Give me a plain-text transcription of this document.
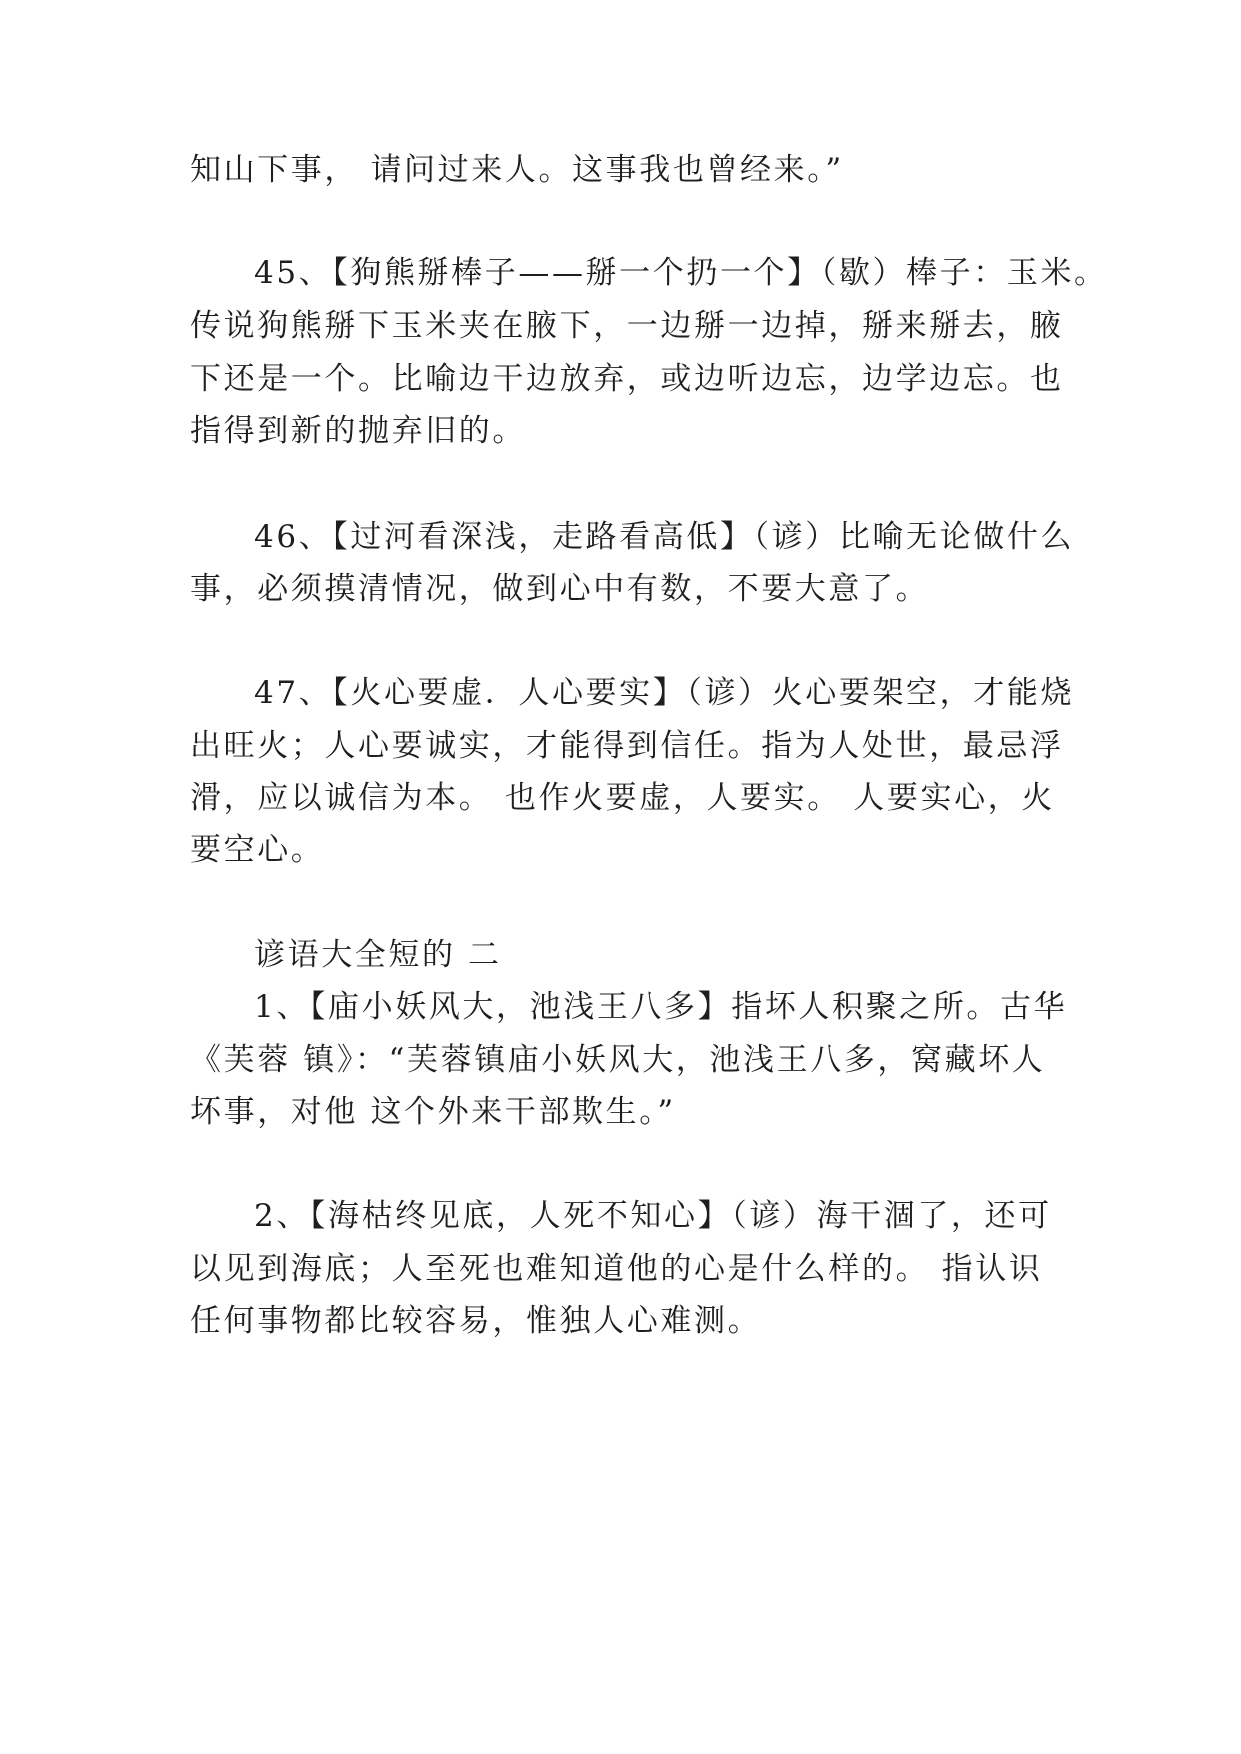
知山下事， 请问过来人。这事我也曾经来。”
45、【狗熊掰棒子——掰一个扔一个】（歇）棒子：玉米。
传说狗熊掰下玉米夹在腋下，一边掰一边掉，掰来掰去，腋
下还是一个。比喻边干边放弃，或边听边忘，边学边忘。也
指得到新的抛弃旧的。
46、【过河看深浅，走路看高低】（谚）比喻无论做什么
事，必须摸清情况，做到心中有数，不要大意了。
47、【火心要虚．人心要实】（谚）火心要架空，才能烧
出旺火；人心要诚实，才能得到信任。指为人处世，最忌浮
滑，应以诚信为本。 也作火要虚，人要实。 人要实心，火
要空心。
谚语大全短的 二
1、【庙小妖风大，池浅王八多】指坏人积聚之所。古华
《芙蓉 镇》：“芙蓉镇庙小妖风大，池浅王八多，窝藏坏人
坏事，对他 这个外来干部欺生。”
2、【海枯终见底，人死不知心】（谚）海干涸了，还可
以见到海底；人至死也难知道他的心是什么样的。 指认识
任何事物都比较容易，惟独人心难测。
